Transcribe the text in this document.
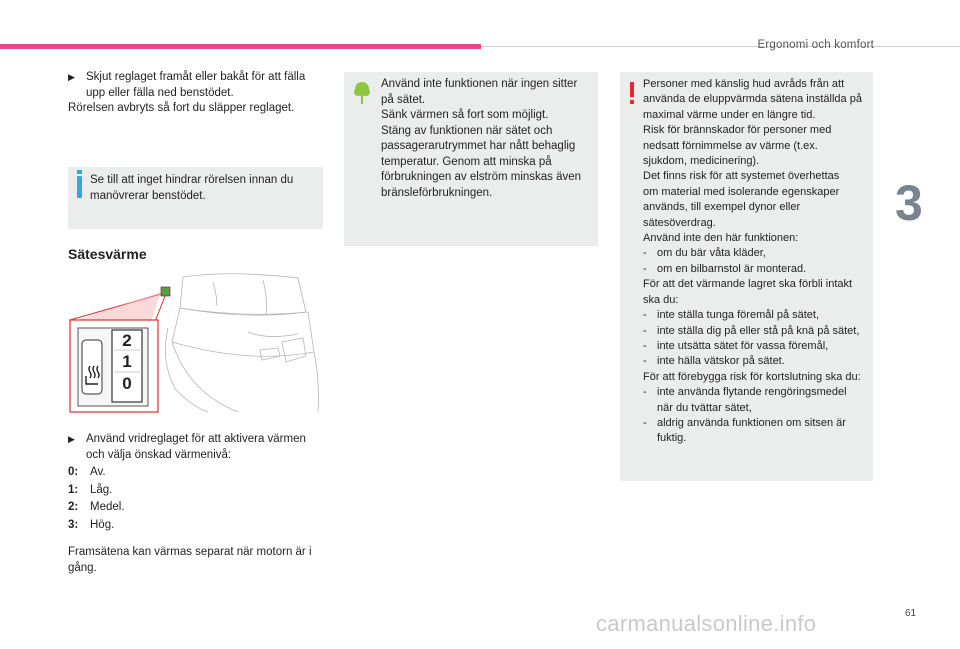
Ergonomi och komfort
3
▶ Skjut reglaget framåt eller bakåt för att fälla upp eller fälla ned benstödet.
Rörelsen avbryts så fort du släpper reglaget.
Se till att inget hindrar rörelsen innan du manövrerar benstödet.
Sätesvärme
2
1
0
▶ Använd vridreglaget för att aktivera värmen och välja önskad värmenivå:
0: Av.
1: Låg.
2: Medel.
3: Hög.
Framsätena kan värmas separat när motorn är i gång.
Använd inte funktionen när ingen sitter
på sätet.
Sänk värmen så fort som möjligt.
Stäng av funktionen när sätet och
passagerarutrymmet har nått behaglig
temperatur. Genom att minska på
förbrukningen av elström minskas även
bränsleförbrukningen.
Personer med känslig hud avråds från att
använda de eluppvärmda sätena inställda på
maximal värme under en längre tid.
Risk för brännskador för personer med
nedsatt förnimmelse av värme (t.ex.
sjukdom, medicinering).
Det finns risk för att systemet överhettas
om material med isolerande egenskaper
används, till exempel dynor eller
sätesöverdrag.
Använd inte den här funktionen:
- om du bär våta kläder,
- om en bilbarnstol är monterad.
För att det värmande lagret ska förbli intakt
ska du:
- inte ställa tunga föremål på sätet,
- inte ställa dig på eller stå på knä på sätet,
- inte utsätta sätet för vassa föremål,
- inte hälla vätskor på sätet.
För att förebygga risk för kortslutning ska du:
- inte använda flytande rengöringsmedel
när du tvättar sätet,
- aldrig använda funktionen om sitsen är
fuktig.
61
carmanualsonline.info
